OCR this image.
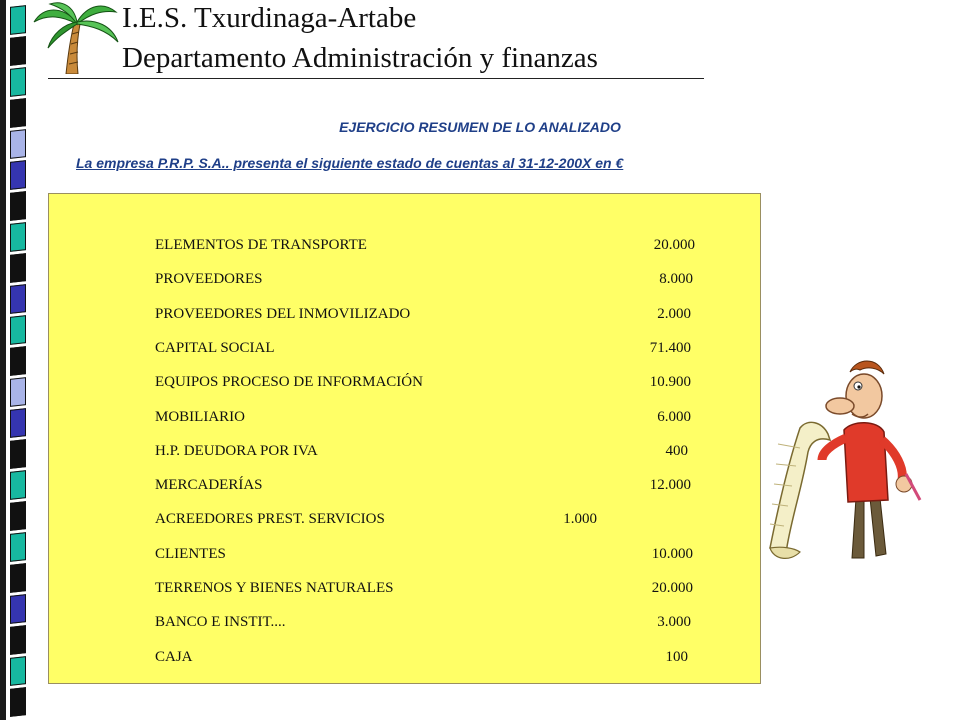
I.E.S. Txurdinaga-Artabe
Departamento Administración y finanzas
EJERCICIO RESUMEN DE LO ANALIZADO
La empresa P.R.P. S.A.. presenta el siguiente estado de cuentas al 31-12-200X en €
ELEMENTOS DE TRANSPORTE	20.000
PROVEEDORES	8.000
PROVEEDORES DEL INMOVILIZADO	2.000
CAPITAL SOCIAL	71.400
EQUIPOS PROCESO DE INFORMACIÓN	10.900
MOBILIARIO	6.000
H.P. DEUDORA POR IVA	400
MERCADERÍAS	12.000
ACREEDORES PREST. SERVICIOS	1.000
CLIENTES	10.000
TERRENOS Y BIENES NATURALES	20.000
BANCO E INSTIT....	3.000
CAJA	100
